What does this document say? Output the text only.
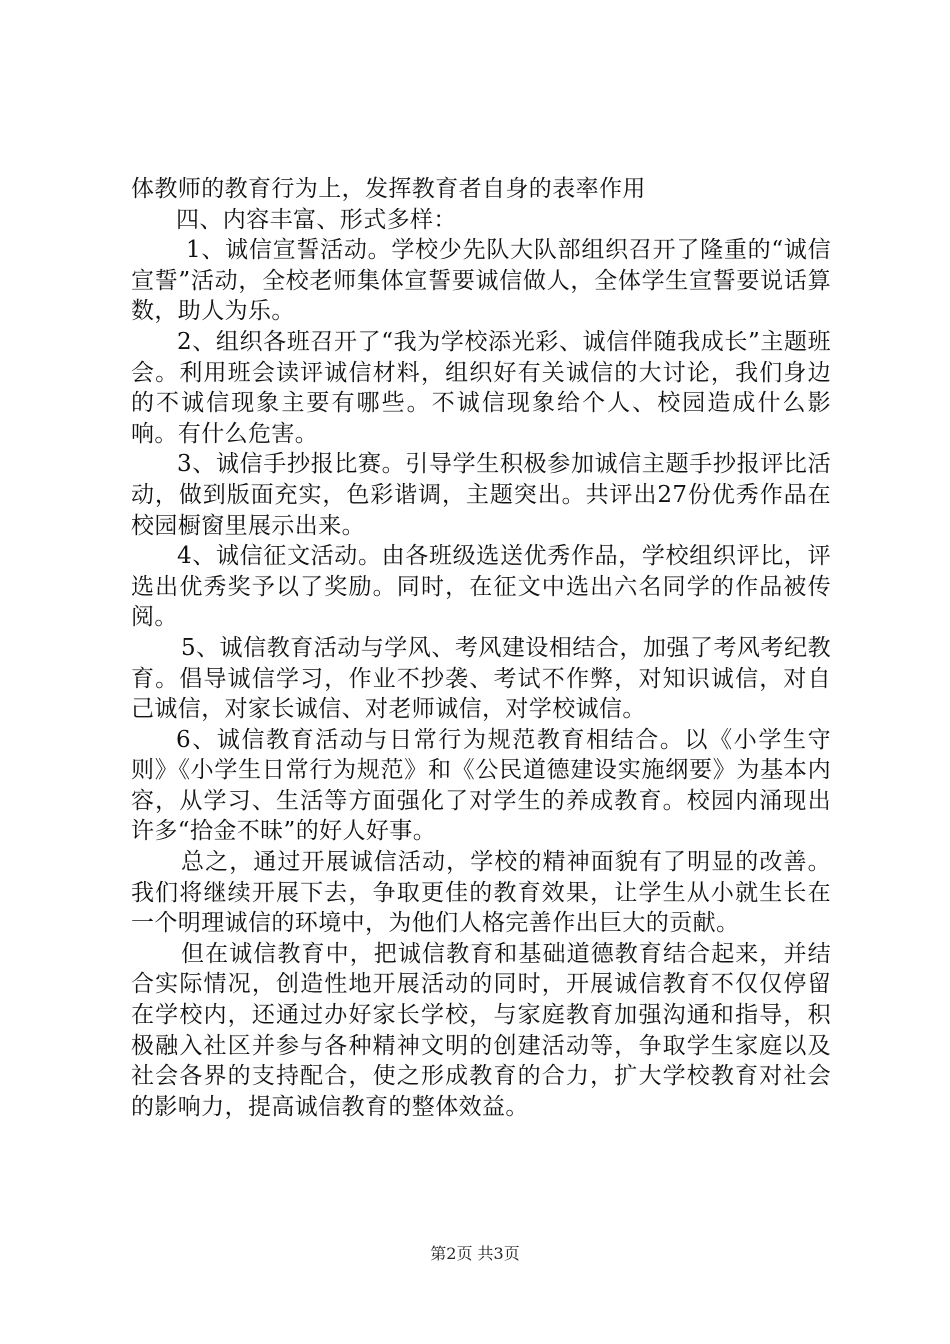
体教师的教育行为上，发挥教育者自身的表率作用

四、内容丰富、形式多样：

1、诚信宣誓活动。学校少先队大队部组织召开了隆重的“诚信宣誓”活动，全校老师集体宣誓要诚信做人，全体学生宣誓要说话算数，助人为乐。

2、组织各班召开了“我为学校添光彩、诚信伴随我成长”主题班会。利用班会读评诚信材料，组织好有关诚信的大讨论，我们身边的不诚信现象主要有哪些。不诚信现象给个人、校园造成什么影响。有什么危害。

3、诚信手抄报比赛。引导学生积极参加诚信主题手抄报评比活动，做到版面充实，色彩谐调，主题突出。共评出27份优秀作品在校园橱窗里展示出来。

4、诚信征文活动。由各班级选送优秀作品，学校组织评比，评选出优秀奖予以了奖励。同时，在征文中选出六名同学的作品被传阅。

5、诚信教育活动与学风、考风建设相结合，加强了考风考纪教育。倡导诚信学习，作业不抄袭、考试不作弊，对知识诚信，对自己诚信，对家长诚信、对老师诚信，对学校诚信。

6、诚信教育活动与日常行为规范教育相结合。以《小学生守则》《小学生日常行为规范》和《公民道德建设实施纲要》为基本内容，从学习、生活等方面强化了对学生的养成教育。校园内涌现出许多“拾金不昧”的好人好事。

总之，通过开展诚信活动，学校的精神面貌有了明显的改善。我们将继续开展下去，争取更佳的教育效果，让学生从小就生长在一个明理诚信的环境中，为他们人格完善作出巨大的贡献。

但在诚信教育中，把诚信教育和基础道德教育结合起来，并结合实际情况，创造性地开展活动的同时，开展诚信教育不仅仅停留在学校内，还通过办好家长学校，与家庭教育加强沟通和指导，积极融入社区并参与各种精神文明的创建活动等，争取学生家庭以及社会各界的支持配合，使之形成教育的合力，扩大学校教育对社会的影响力，提高诚信教育的整体效益。

第2页 共3页
